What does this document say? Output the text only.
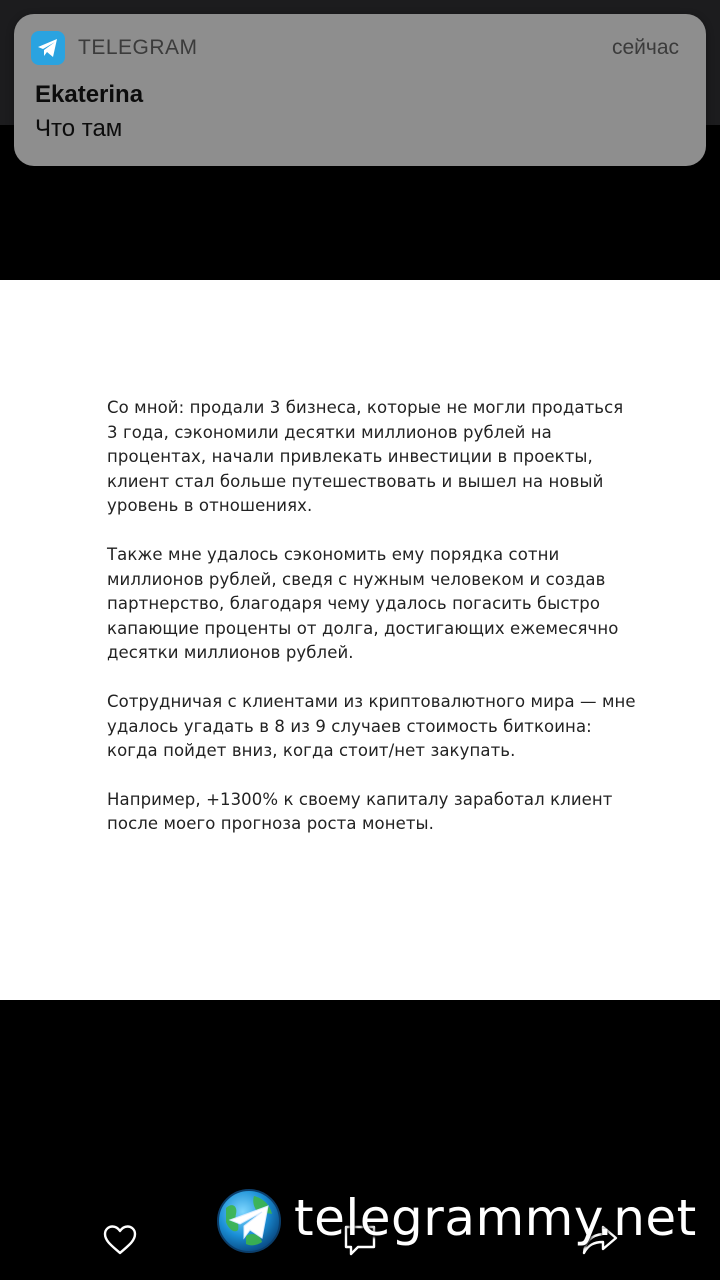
TELEGRAM	сейчас
Ekaterina
Что там

Со мной: продали 3 бизнеса, которые не могли продаться 3 года, сэкономили десятки миллионов рублей на процентах, начали привлекать инвестиции в проекты, клиент стал больше путешествовать и вышел на новый уровень в отношениях.

Также мне удалось сэкономить ему порядка сотни миллионов рублей, сведя с нужным человеком и создав партнерство, благодаря чему удалось погасить быстро капающие проценты от долга, достигающих ежемесячно десятки миллионов рублей.

Сотрудничая с клиентами из криптовалютного мира — мне удалось угадать в 8 из 9 случаев стоимость биткоина: когда пойдет вниз, когда стоит/нет закупать.

Например, +1300% к своему капиталу заработал клиент после моего прогноза роста монеты.

telegrammy.net
